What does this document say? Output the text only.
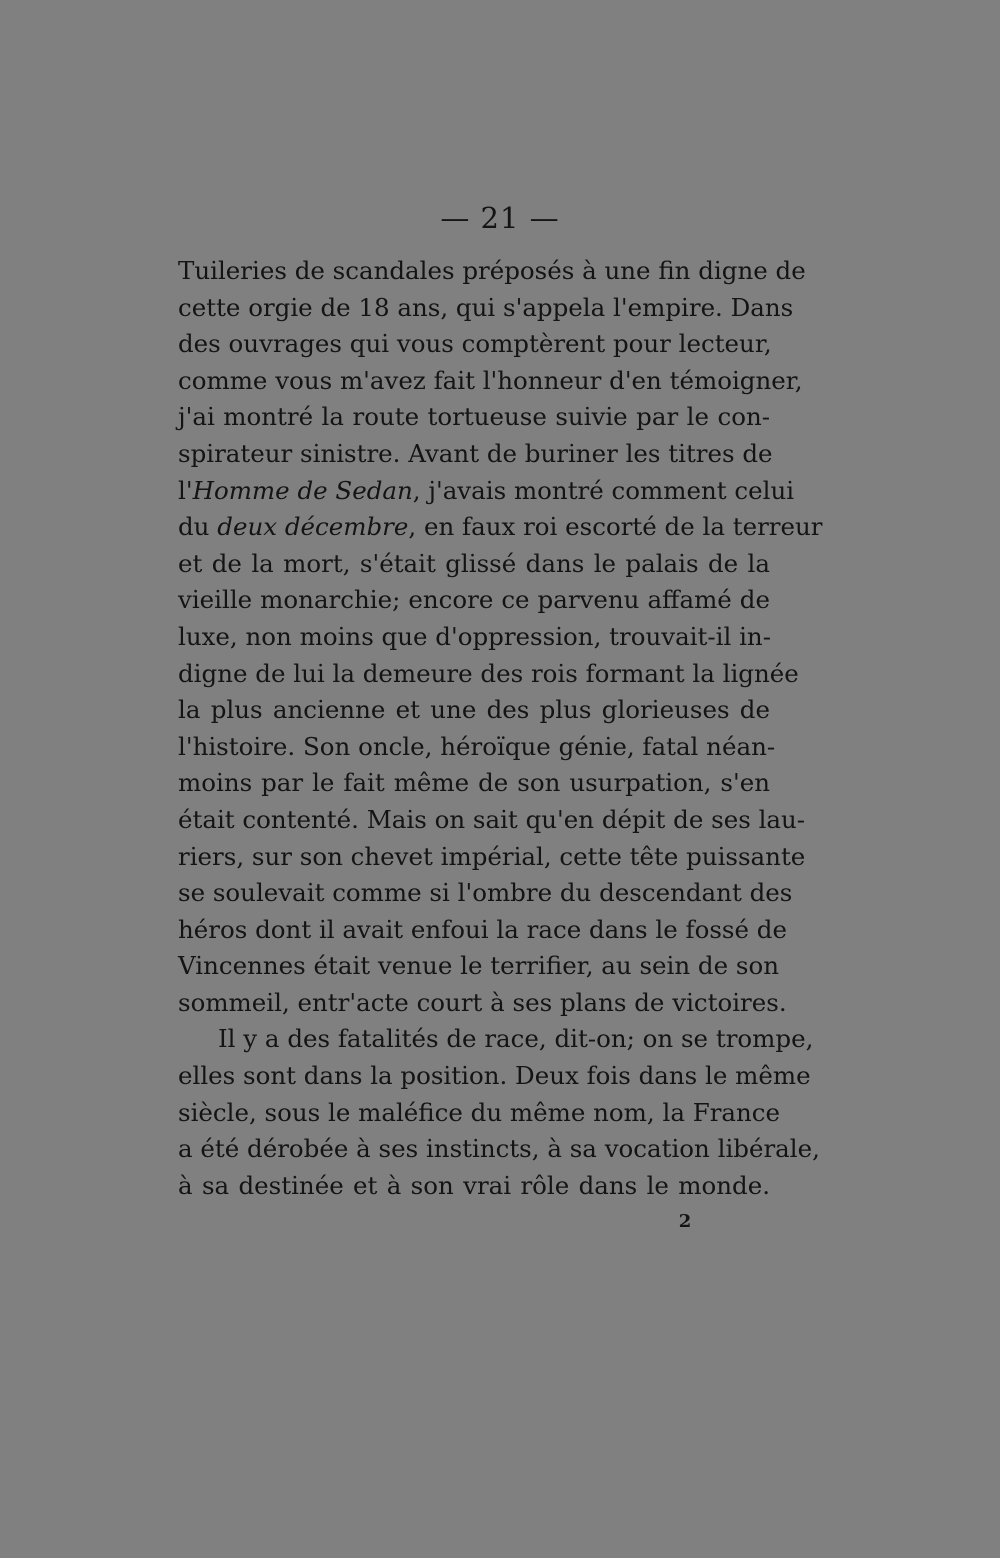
— 21 —
Tuileries de scandales préposés à une fin digne de
cette orgie de 18 ans, qui s'appela l'empire. Dans
des ouvrages qui vous comptèrent pour lecteur,
comme vous m'avez fait l'honneur d'en témoigner,
j'ai montré la route tortueuse suivie par le con-
spirateur sinistre. Avant de buriner les titres de
l'Homme de Sedan, j'avais montré comment celui
du deux décembre, en faux roi escorté de la terreur
et de la mort, s'était glissé dans le palais de la
vieille monarchie; encore ce parvenu affamé de
luxe, non moins que d'oppression, trouvait-il in-
digne de lui la demeure des rois formant la lignée
la plus ancienne et une des plus glorieuses de
l'histoire. Son oncle, héroïque génie, fatal néan-
moins par le fait même de son usurpation, s'en
était contenté. Mais on sait qu'en dépit de ses lau-
riers, sur son chevet impérial, cette tête puissante
se soulevait comme si l'ombre du descendant des
héros dont il avait enfoui la race dans le fossé de
Vincennes était venue le terrifier, au sein de son
sommeil, entr'acte court à ses plans de victoires.
Il y a des fatalités de race, dit-on; on se trompe,
elles sont dans la position. Deux fois dans le même
siècle, sous le maléfice du même nom, la France
a été dérobée à ses instincts, à sa vocation libérale,
à sa destinée et à son vrai rôle dans le monde.
2
